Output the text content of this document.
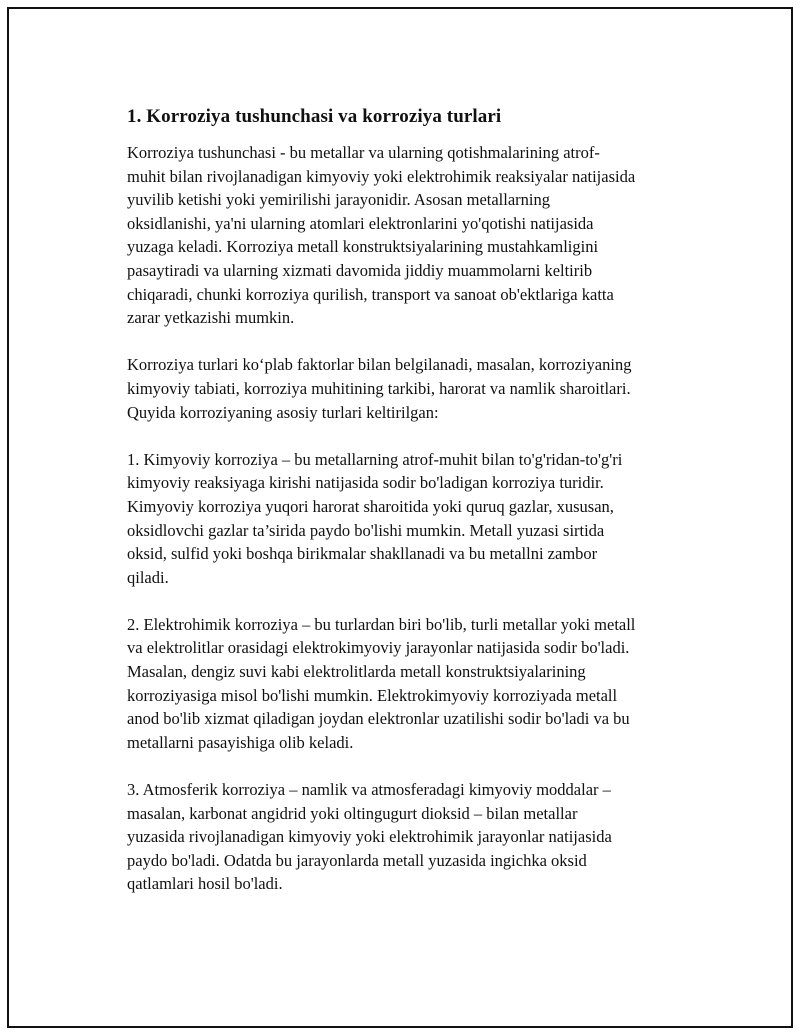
1. Korroziya tushunchasi va korroziya turlari

Korroziya tushunchasi - bu metallar va ularning qotishmalarining atrof-
muhit bilan rivojlanadigan kimyoviy yoki elektrohimik reaksiyalar natijasida
yuvilib ketishi yoki yemirilishi jarayonidir. Asosan metallarning
oksidlanishi, ya'ni ularning atomlari elektronlarini yo'qotishi natijasida
yuzaga keladi. Korroziya metall konstruktsiyalarining mustahkamligini
pasaytiradi va ularning xizmati davomida jiddiy muammolarni keltirib
chiqaradi, chunki korroziya qurilish, transport va sanoat ob'ektlariga katta
zarar yetkazishi mumkin.

Korroziya turlari ko‘plab faktorlar bilan belgilanadi, masalan, korroziyaning
kimyoviy tabiati, korroziya muhitining tarkibi, harorat va namlik sharoitlari.
Quyida korroziyaning asosiy turlari keltirilgan:

1. Kimyoviy korroziya – bu metallarning atrof-muhit bilan to'g'ridan-to'g'ri
kimyoviy reaksiyaga kirishi natijasida sodir bo'ladigan korroziya turidir.
Kimyoviy korroziya yuqori harorat sharoitida yoki quruq gazlar, xususan,
oksidlovchi gazlar ta’sirida paydo bo'lishi mumkin. Metall yuzasi sirtida
oksid, sulfid yoki boshqa birikmalar shakllanadi va bu metallni zambor
qiladi.

2. Elektrohimik korroziya – bu turlardan biri bo'lib, turli metallar yoki metall
va elektrolitlar orasidagi elektrokimyoviy jarayonlar natijasida sodir bo'ladi.
Masalan, dengiz suvi kabi elektrolitlarda metall konstruktsiyalarining
korroziyasiga misol bo'lishi mumkin. Elektrokimyoviy korroziyada metall
anod bo'lib xizmat qiladigan joydan elektronlar uzatilishi sodir bo'ladi va bu
metallarni pasayishiga olib keladi.

3. Atmosferik korroziya – namlik va atmosferadagi kimyoviy moddalar –
masalan, karbonat angidrid yoki oltingugurt dioksid – bilan metallar
yuzasida rivojlanadigan kimyoviy yoki elektrohimik jarayonlar natijasida
paydo bo'ladi. Odatda bu jarayonlarda metall yuzasida ingichka oksid
qatlamlari hosil bo'ladi.
